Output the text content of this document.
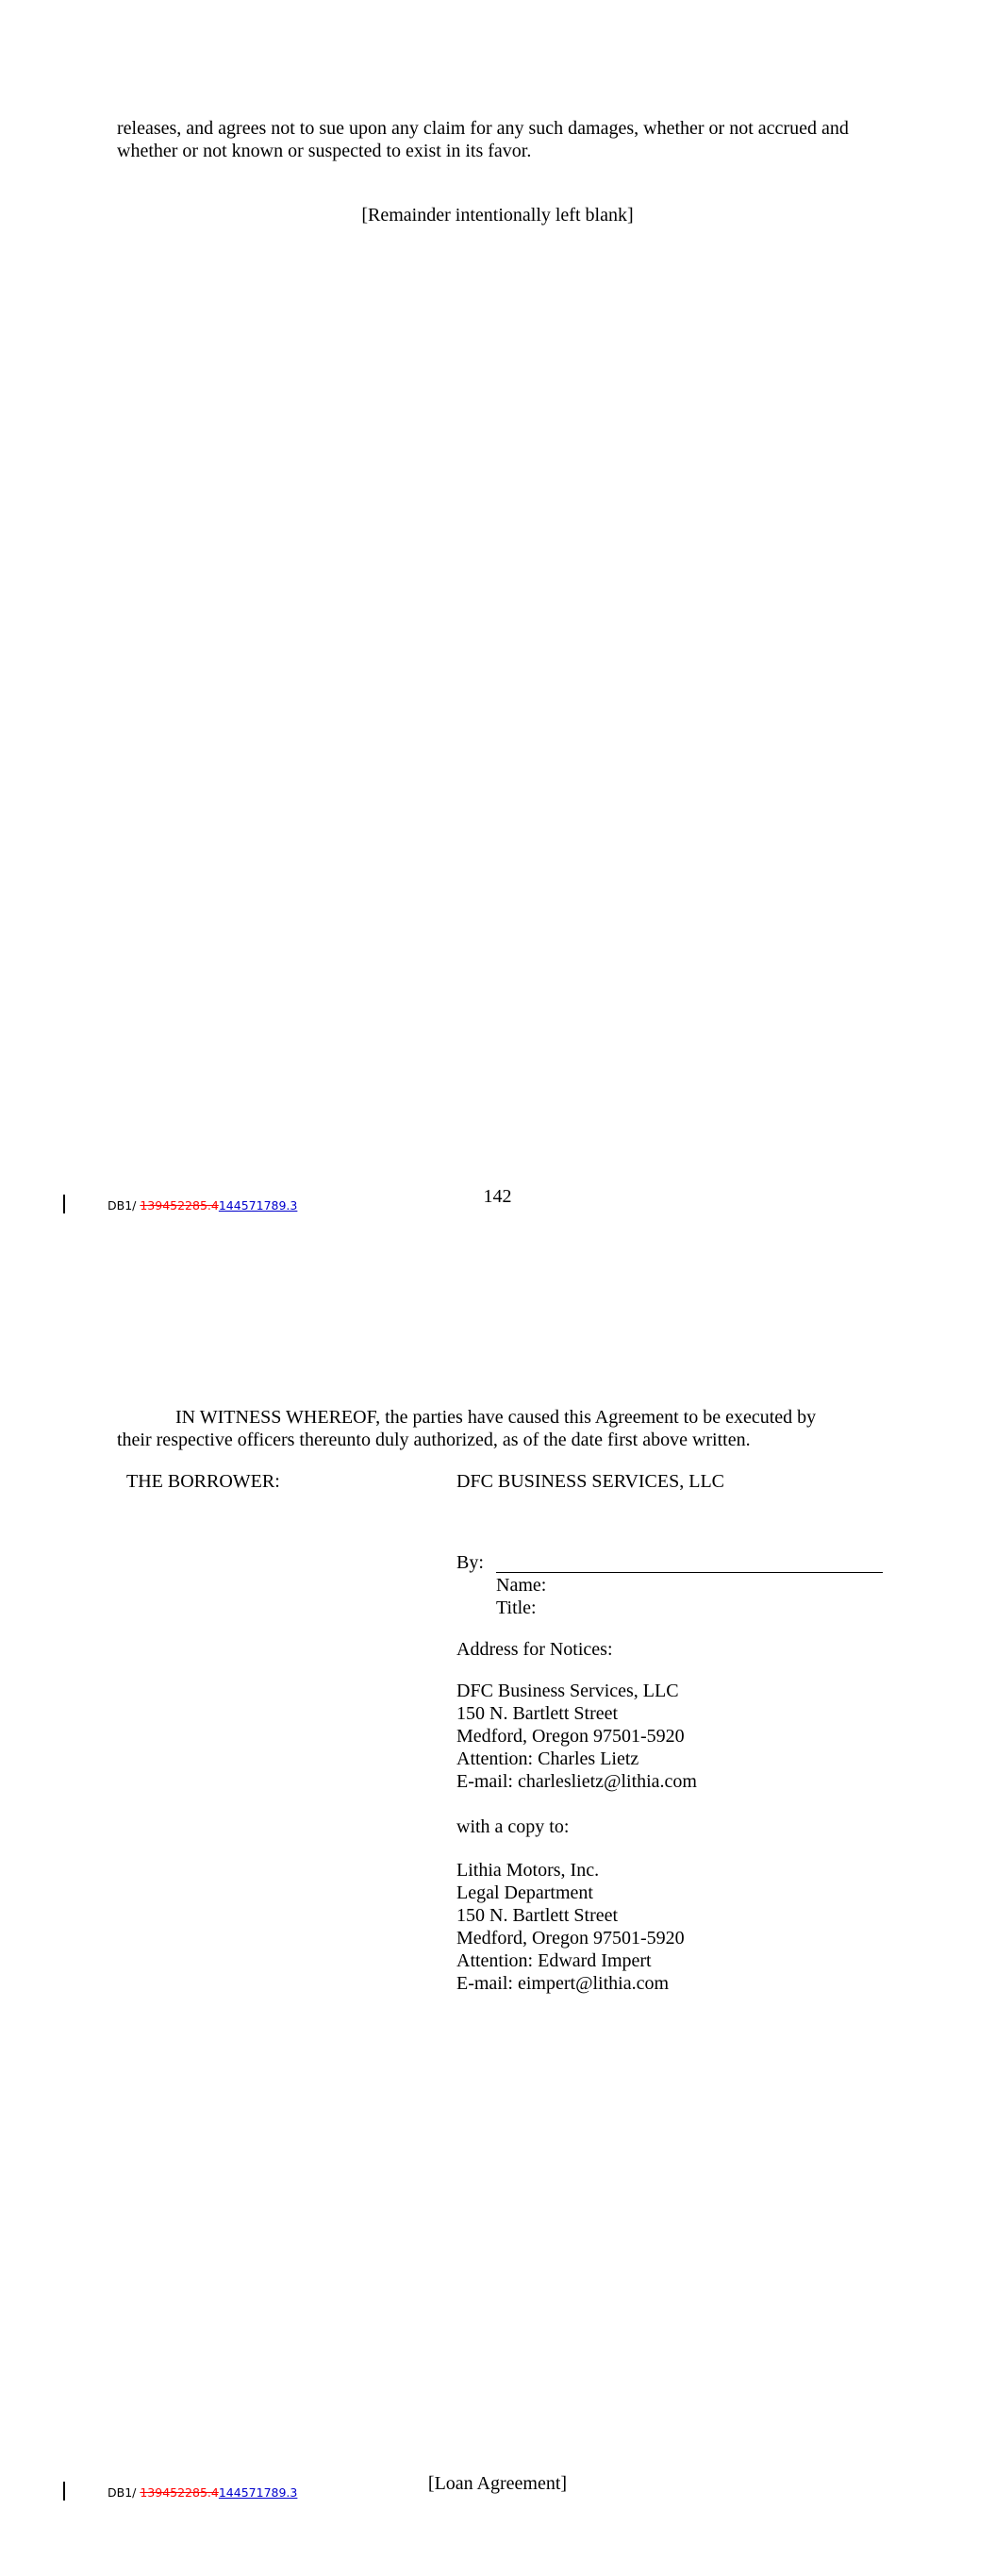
releases, and agrees not to sue upon any claim for any such damages, whether or not accrued and
whether or not known or suspected to exist in its favor.
[Remainder intentionally left blank]
DB1/ 139452285.4144571789.3	142
IN WITNESS WHEREOF, the parties have caused this Agreement to be executed by
their respective officers thereunto duly authorized, as of the date first above written.
THE BORROWER:	DFC BUSINESS SERVICES, LLC
By:
Name:
Title:
Address for Notices:
DFC Business Services, LLC
150 N. Bartlett Street
Medford, Oregon 97501-5920
Attention: Charles Lietz
E-mail: charleslietz@lithia.com
with a copy to:
Lithia Motors, Inc.
Legal Department
150 N. Bartlett Street
Medford, Oregon 97501-5920
Attention: Edward Impert
E-mail: eimpert@lithia.com
[Loan Agreement]
DB1/ 139452285.4144571789.3
